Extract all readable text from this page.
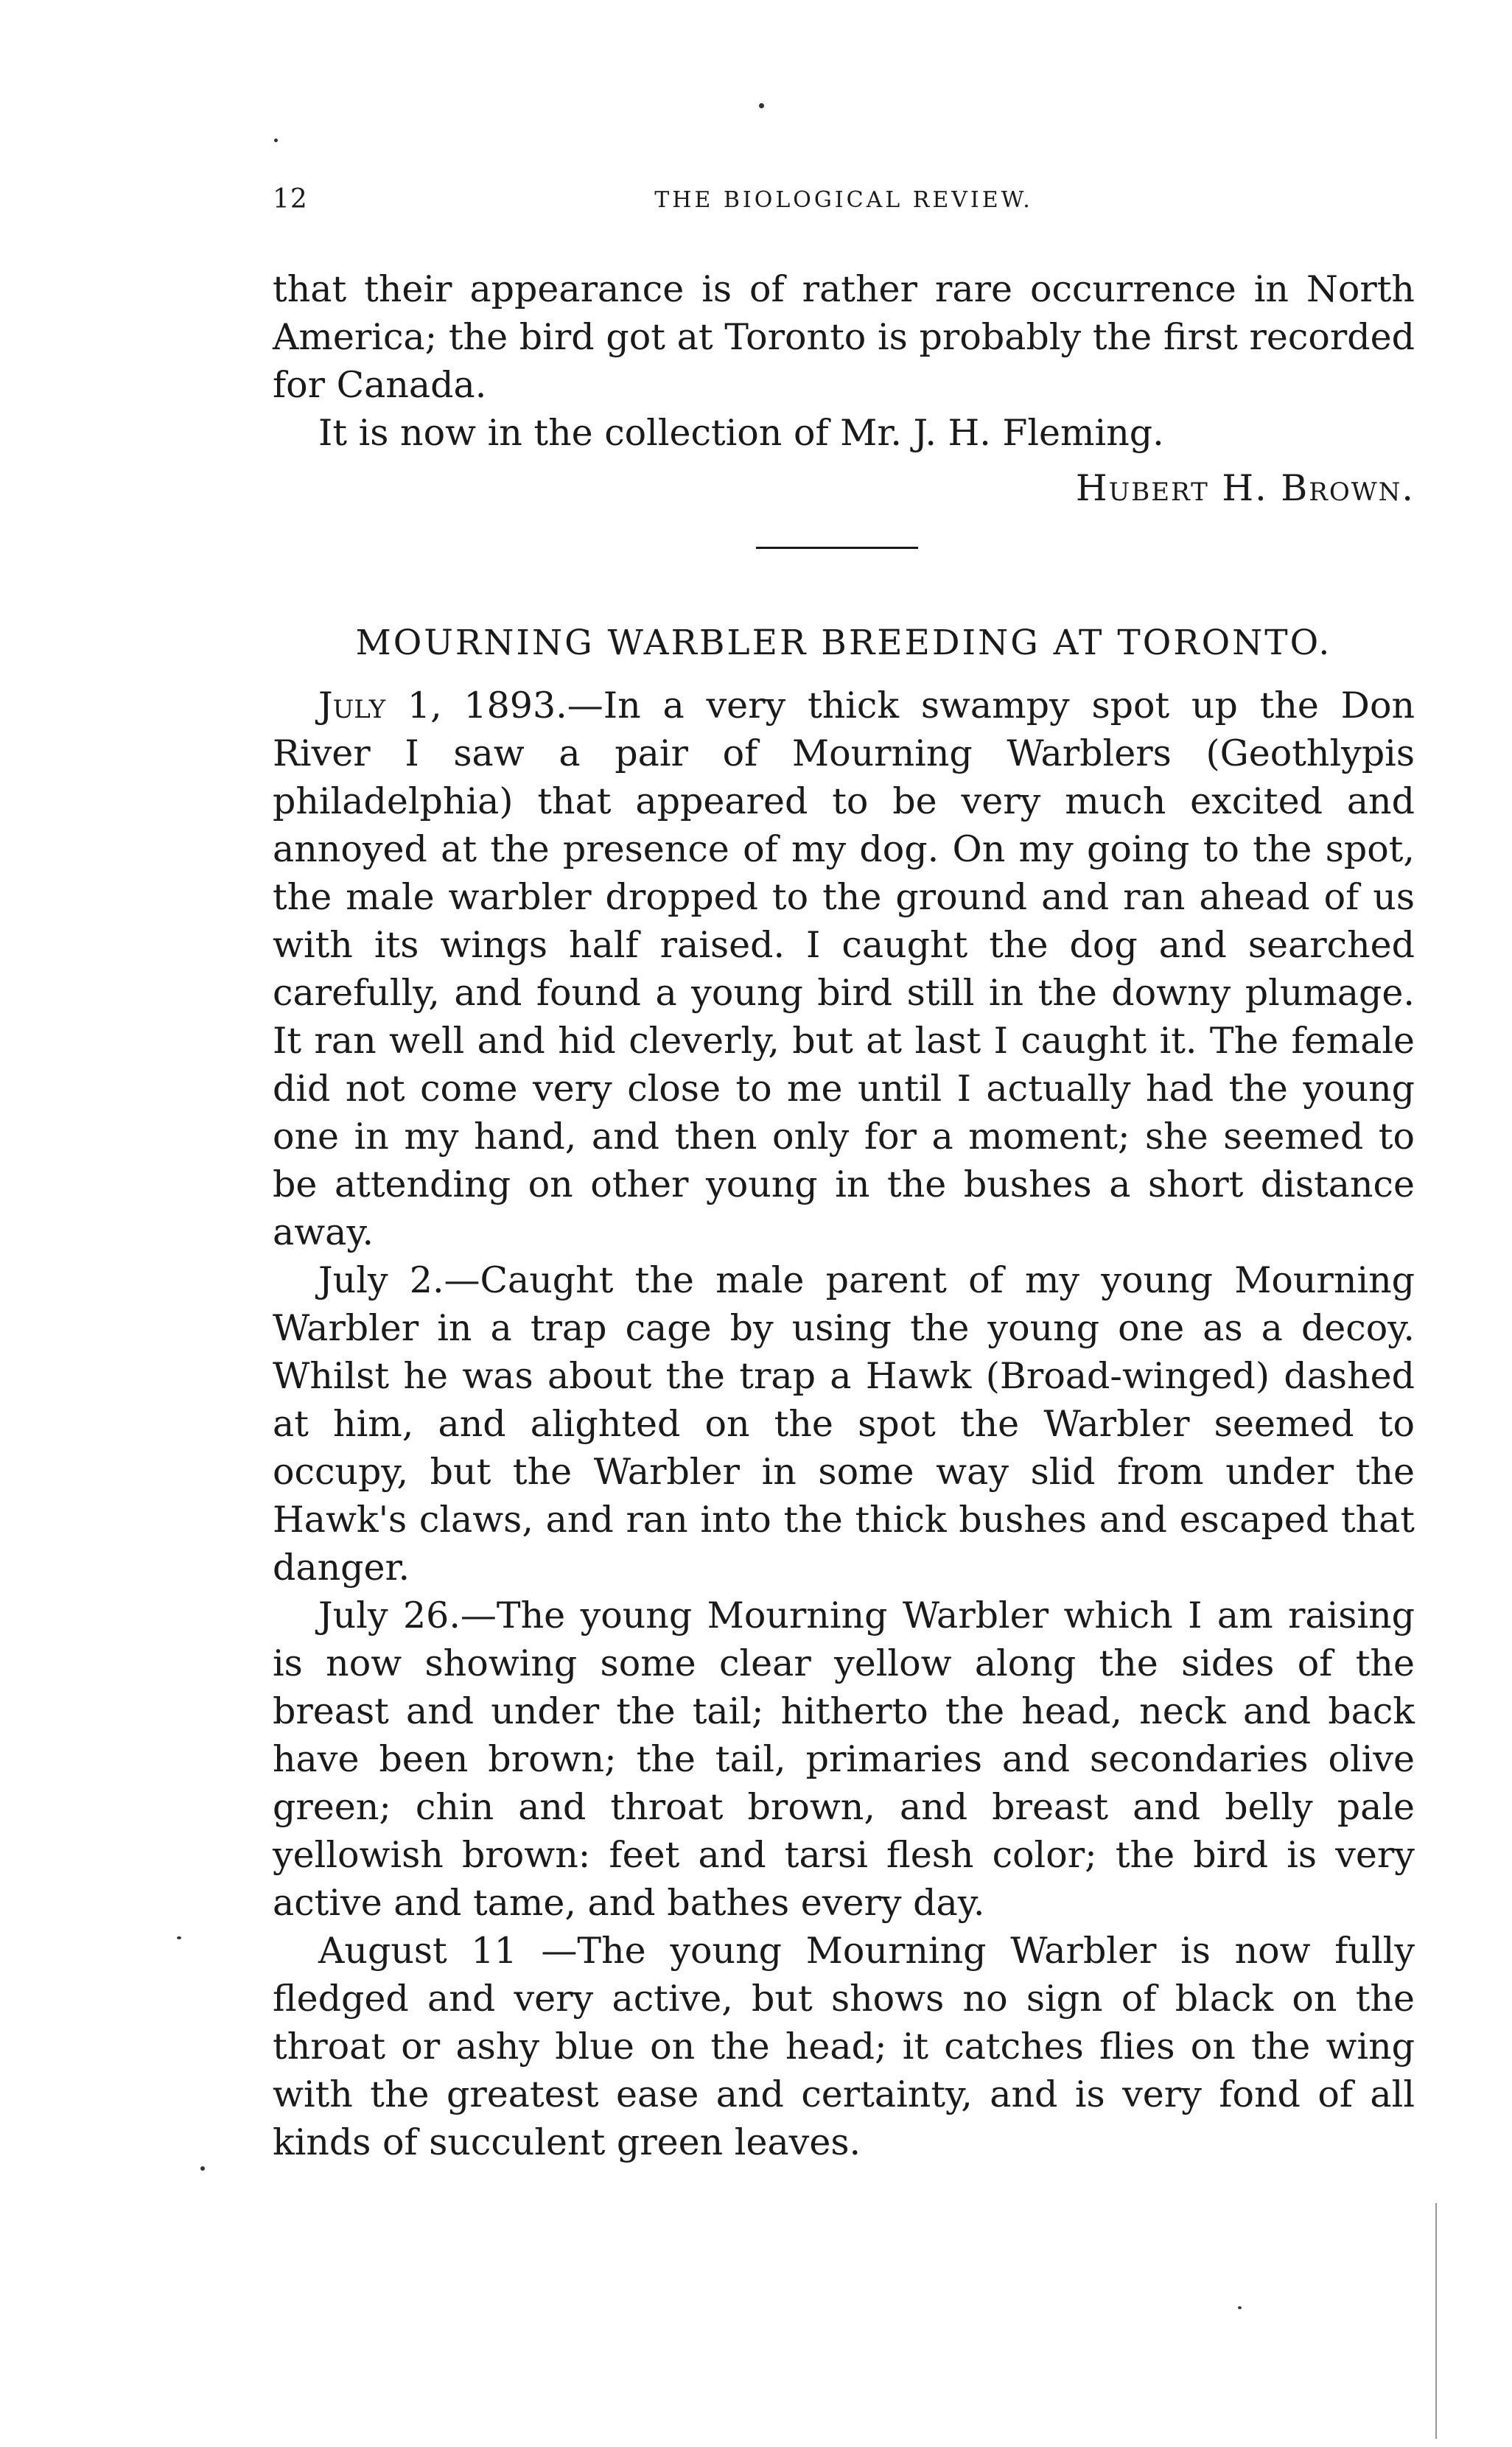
12	THE BIOLOGICAL REVIEW.

that their appearance is of rather rare occurrence in North America; the bird got at Toronto is probably the first recorded for Canada.

It is now in the collection of Mr. J. H. Fleming.

Hubert H. Brown.
MOURNING WARBLER BREEDING AT TORONTO.

July 1, 1893.—In a very thick swampy spot up the Don River I saw a pair of Mourning Warblers (Geothlypis philadelphia) that appeared to be very much excited and annoyed at the presence of my dog. On my going to the spot, the male warbler dropped to the ground and ran ahead of us with its wings half raised. I caught the dog and searched carefully, and found a young bird still in the downy plumage. It ran well and hid cleverly, but at last I caught it. The female did not come very close to me until I actually had the young one in my hand, and then only for a moment; she seemed to be attending on other young in the bushes a short distance away.

July 2.—Caught the male parent of my young Mourning Warbler in a trap cage by using the young one as a decoy. Whilst he was about the trap a Hawk (Broad-winged) dashed at him, and alighted on the spot the Warbler seemed to occupy, but the Warbler in some way slid from under the Hawk's claws, and ran into the thick bushes and escaped that danger.

July 26.—The young Mourning Warbler which I am raising is now showing some clear yellow along the sides of the breast and under the tail; hitherto the head, neck and back have been brown; the tail, primaries and secondaries olive green; chin and throat brown, and breast and belly pale yellowish brown: feet and tarsi flesh color; the bird is very active and tame, and bathes every day.

August 11 —The young Mourning Warbler is now fully fledged and very active, but shows no sign of black on the throat or ashy blue on the head; it catches flies on the wing with the greatest ease and certainty, and is very fond of all kinds of succulent green leaves.
